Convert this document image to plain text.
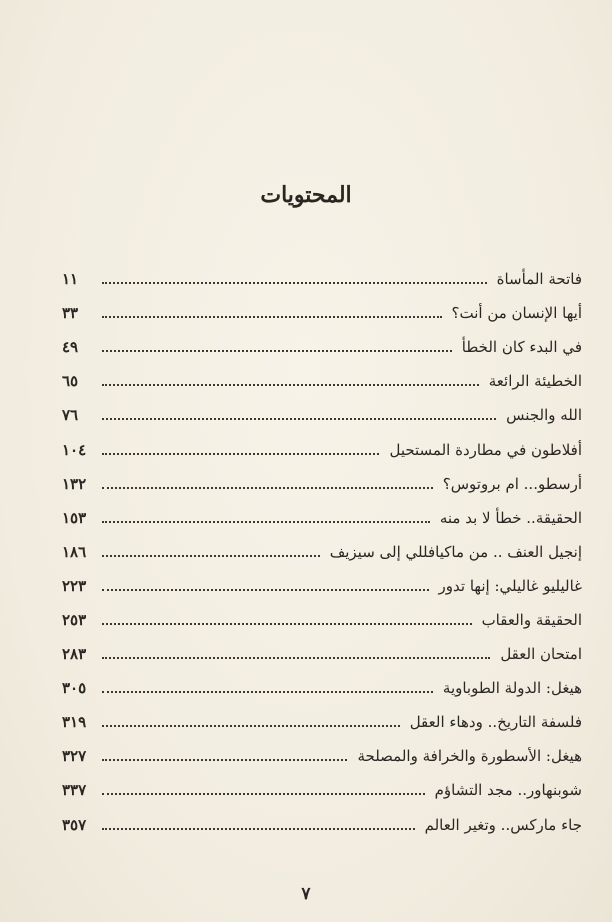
المحتويات
فاتحة المأساة
١١
أيها الإنسان من أنت؟
٣٣
في البدء كان الخطأ
٤٩
الخطيئة الرائعة
٦٥
الله والجنس
٧٦
أفلاطون في مطاردة المستحيل
١٠٤
أرسطو... ام بروتوس؟
١٣٢
الحقيقة.. خطأ لا بد منه
١٥٣
إنجيل العنف .. من ماكيافللي إلى سيزيف
١٨٦
غاليليو غاليلي: إنها تدور
٢٢٣
الحقيقة والعقاب
٢٥٣
امتحان العقل
٢٨٣
هيغل: الدولة الطوباوية
٣٠٥
فلسفة التاريخ.. ودهاء العقل
٣١٩
هيغل: الأسطورة والخرافة والمصلحة
٣٢٧
شوبنهاور.. مجد التشاؤم
٣٣٧
جاء ماركس.. وتغير العالم
٣٥٧
٧
